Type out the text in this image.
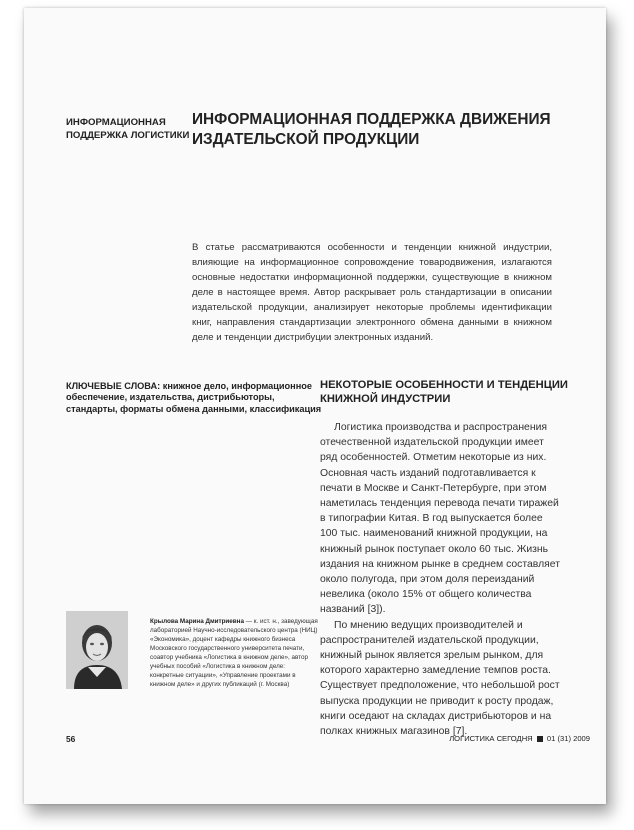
ИНФОРМАЦИОННАЯ ПОДДЕРЖКА ЛОГИСТИКИ
ИНФОРМАЦИОННАЯ ПОДДЕРЖКА ДВИЖЕНИЯ ИЗДАТЕЛЬСКОЙ ПРОДУКЦИИ
В статье рассматриваются особенности и тенденции книжной индустрии, влияющие на информационное сопровождение товародвижения, излагаются основные недостатки информационной поддержки, существующие в книжном деле в настоящее время. Автор раскрывает роль стандартизации в описании издательской продукции, анализирует некоторые проблемы идентификации книг, направления стандартизации электронного обмена данными в книжном деле и тенденции дистрибуции электронных изданий.
КЛЮЧЕВЫЕ СЛОВА: книжное дело, информационное обеспечение, издательства, дистрибьюторы, стандарты, форматы обмена данными, классификация
НЕКОТОРЫЕ ОСОБЕННОСТИ И ТЕНДЕНЦИИ КНИЖНОЙ ИНДУСТРИИ

Логистика производства и распространения отечественной издательской продукции имеет ряд особенностей. Отметим некоторые из них. Основная часть изданий подготавливается к печати в Москве и Санкт-Петербурге, при этом наметилась тенденция перевода печати тиражей в типографии Китая. В год выпускается более 100 тыс. наименований книжной продукции, на книжный рынок поступает около 60 тыс. Жизнь издания на книжном рынке в среднем составляет около полугода, при этом доля переизданий невелика (около 15% от общего количества названий [3]).

По мнению ведущих производителей и распространителей издательской продукции, книжный рынок является зрелым рынком, для которого характерно замедление темпов роста. Существует предположение, что небольшой рост выпуска продукции не приводит к росту продаж, книги оседают на складах дистрибьюторов и на полках книжных магазинов [7].

Крылова Марина Дмитриевна — к. ист. н., заведующая лабораторией Научно-исследовательского центра (НИЦ) «Экономика», доцент кафедры книжного бизнеса Московского государственного университета печати, соавтор учебника «Логистика в книжном деле», автор учебных пособий «Логистика в книжном деле: конкретные ситуации», «Управление проектами в книжном деле» и других публикаций (г. Москва)
56	ЛОГИСТИКА СЕГОДНЯ 01 (31) 2009
